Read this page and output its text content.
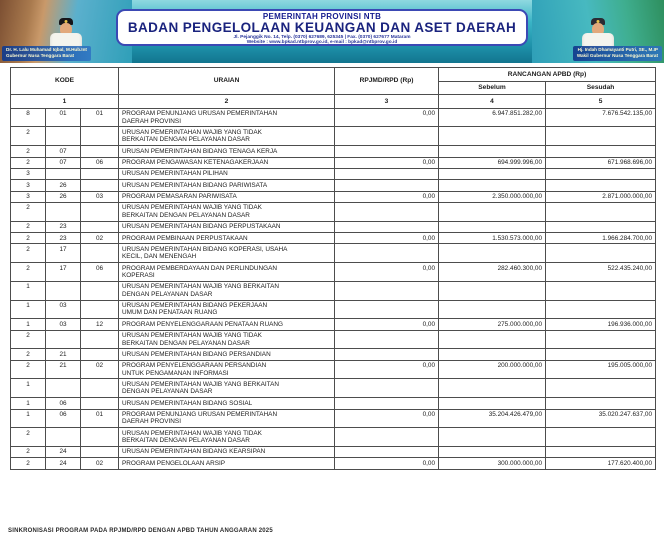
PEMERINTAH PROVINSI NTB
BADAN PENGELOLAAN KEUANGAN DAN ASET DAERAH
Jl. Pejanggik No. 14, Telp. (0370) 627689, 625345 | Fax. (0370) 627677 Mataram
Website : www.bpkad.ntbprov.go.id, e-mail : bpkad@ntbprov.go.id
Dr. H. Lalu Muhamad Iqbal, M.Hub.Int
Gubernur Nusa Tenggara Barat
Hj. Indah Dhamayanti Putri, SE., M.IP
Wakil Gubernur Nusa Tenggara Barat
KODE			URAIAN	RPJMD/RPD (Rp)	RANCANGAN APBD (Rp)	
					Sebelum	Sesudah
1			2	3	4	5
8	01	01	PROGRAM PENUNJANG URUSAN PEMERINTAHAN DAERAH PROVINSI	0,00	6.947.851.282,00	7.676.542.135,00
2			URUSAN PEMERINTAHAN WAJIB YANG TIDAK BERKAITAN DENGAN PELAYANAN DASAR			

2	07		URUSAN PEMERINTAHAN BIDANG TENAGA KERJA			

2	07	06	PROGRAM PENGAWASAN KETENAGAKERJAAN	0,00	694.999.996,00	671.968.696,00
3			URUSAN PEMERINTAHAN PILIHAN			

3	26		URUSAN PEMERINTAHAN BIDANG PARIWISATA			

3	26	03	PROGRAM PEMASARAN PARIWISATA	0,00	2.350.000.000,00	2.871.000.000,00
2			URUSAN PEMERINTAHAN WAJIB YANG TIDAK BERKAITAN DENGAN PELAYANAN DASAR			

2	23		URUSAN PEMERINTAHAN BIDANG PERPUSTAKAAN			

2	23	02	PROGRAM PEMBINAAN PERPUSTAKAAN	0,00	1.530.573.000,00	1.966.284.700,00
2	17		URUSAN PEMERINTAHAN BIDANG KOPERASI, USAHA KECIL, DAN MENENGAH			

2	17	06	PROGRAM PEMBERDAYAAN DAN PERLINDUNGAN KOPERASI	0,00	282.460.300,00	522.435.240,00
1			URUSAN PEMERINTAHAN WAJIB YANG BERKAITAN DENGAN PELAYANAN DASAR			

1	03		URUSAN PEMERINTAHAN BIDANG PEKERJAAN UMUM DAN PENATAAN RUANG			

1	03	12	PROGRAM PENYELENGGARAAN PENATAAN RUANG	0,00	275.000.000,00	196.936.000,00
2			URUSAN PEMERINTAHAN WAJIB YANG TIDAK BERKAITAN DENGAN PELAYANAN DASAR			

2	21		URUSAN PEMERINTAHAN BIDANG PERSANDIAN			

2	21	02	PROGRAM PENYELENGGARAAN PERSANDIAN UNTUK PENGAMANAN INFORMASI	0,00	200.000.000,00	195.005.000,00
1			URUSAN PEMERINTAHAN WAJIB YANG BERKAITAN DENGAN PELAYANAN DASAR			

1	06		URUSAN PEMERINTAHAN BIDANG SOSIAL			

1	06	01	PROGRAM PENUNJANG URUSAN PEMERINTAHAN DAERAH PROVINSI	0,00	35.204.426.479,00	35.020.247.637,00
2			URUSAN PEMERINTAHAN WAJIB YANG TIDAK BERKAITAN DENGAN PELAYANAN DASAR			

2	24		URUSAN PEMERINTAHAN BIDANG KEARSIPAN			

2	24	02	PROGRAM PENGELOLAAN ARSIP	0,00	300.000.000,00	177.620.400,00
SINKRONISASI PROGRAM PADA RPJMD/RPD DENGAN APBD TAHUN ANGGARAN 2025
